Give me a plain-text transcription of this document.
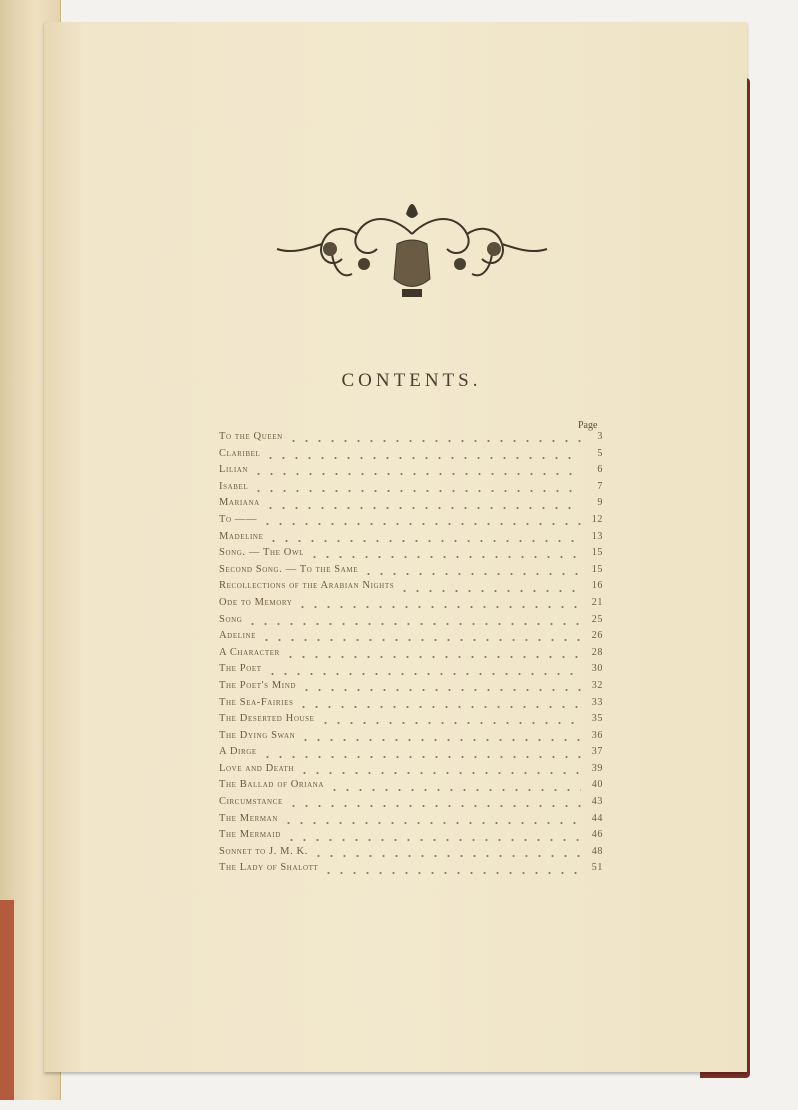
CONTENTS.
Page
To the Queen	3
Claribel	5
Lilian	6
Isabel	7
Mariana	9
To ——	12
Madeline	13
Song. — The Owl	15
Second Song. — To the Same	15
Recollections of the Arabian Nights	16
Ode to Memory	21
Song	25
Adeline	26
A Character	28
The Poet	30
The Poet's Mind	32
The Sea-Fairies	33
The Deserted House	35
The Dying Swan	36
A Dirge	37
Love and Death	39
The Ballad of Oriana	40
Circumstance	43
The Merman	44
The Mermaid	46
Sonnet to J. M. K.	48
The Lady of Shalott	51
